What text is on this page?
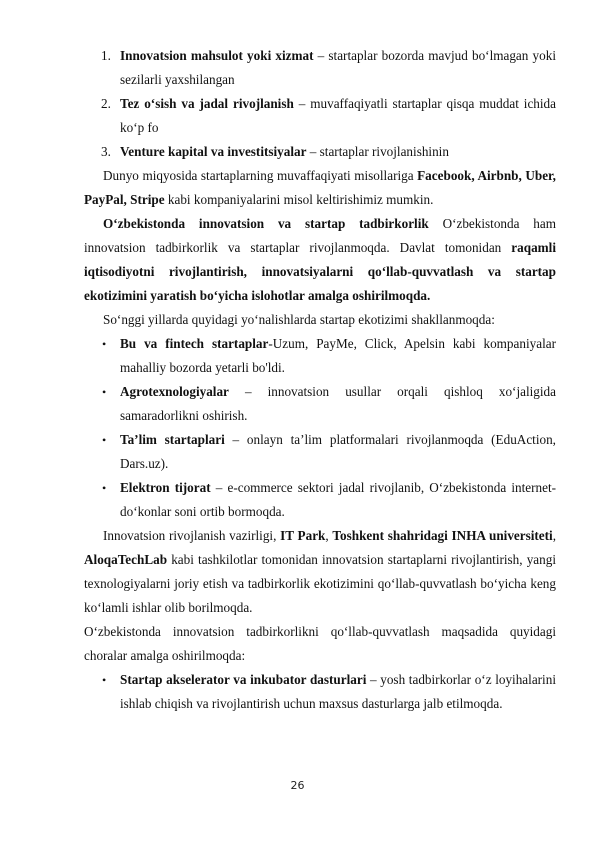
1. Innovatsion mahsulot yoki xizmat – startaplar bozorda mavjud bo‘lmagan yoki sezilarli yaxshilangan
2. Tez o‘sish va jadal rivojlanish – muvaffaqiyatli startaplar qisqa muddat ichida ko‘p fo
3. Venture kapital va investitsiyalar – startaplar rivojlanishinin

Dunyo miqyosida startaplarning muvaffaqiyati misollariga Facebook, Airbnb, Uber, PayPal, Stripe kabi kompaniyalarini misol keltirishimiz mumkin.

O‘zbekistonda innovatsion va startap tadbirkorlik O‘zbekistonda ham innovatsion tadbirkorlik va startaplar rivojlanmoqda. Davlat tomonidan raqamli iqtisodiyotni rivojlantirish, innovatsiyalarni qo‘llab-quvvatlash va startap ekotizimini yaratish bo‘yicha islohotlar amalga oshirilmoqda.

So‘nggi yillarda quyidagi yo‘nalishlarda startap ekotizimi shakllanmoqda:

• Bu va fintech startaplar-Uzum, PayMe, Click, Apelsin kabi kompaniyalar mahalliy bozorda yetarli bo'ldi.
• Agrotexnologiyalar – innovatsion usullar orqali qishloq xo‘jaligida samaradorlikni oshirish.
• Ta’lim startaplari – onlayn ta’lim platformalari rivojlanmoqda (EduAction, Dars.uz).
• Elektron tijorat – e-commerce sektori jadal rivojlanib, O‘zbekistonda internet-do‘konlar soni ortib bormoqda.

Innovatsion rivojlanish vazirligi, IT Park, Toshkent shahridagi INHA universiteti, AloqaTechLab kabi tashkilotlar tomonidan innovatsion startaplarni rivojlantirish, yangi texnologiyalarni joriy etish va tadbirkorlik ekotizimini qo‘llab-quvvatlash bo‘yicha keng ko‘lamli ishlar olib borilmoqda.

O‘zbekistonda innovatsion tadbirkorlikni qo‘llab-quvvatlash maqsadida quyidagi choralar amalga oshirilmoqda:

• Startap akselerator va inkubator dasturlari – yosh tadbirkorlar o‘z loyihalarini ishlab chiqish va rivojlantirish uchun maxsus dasturlarga jalb etilmoqda.
26
